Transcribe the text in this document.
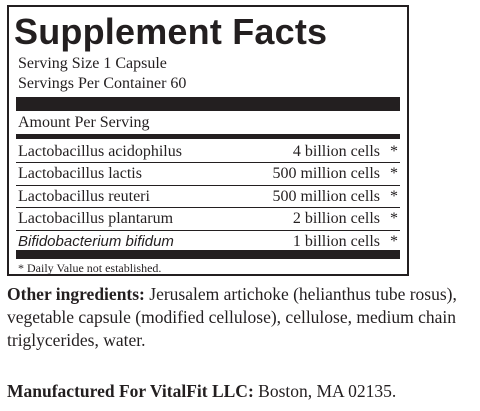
Supplement Facts
Serving Size 1 Capsule
Servings Per Container 60
Amount Per Serving
Lactobacillus acidophilus	4 billion cells *
Lactobacillus lactis	500 million cells *
Lactobacillus reuteri	500 million cells *
Lactobacillus plantarum	2 billion cells *
Bifidobacterium bifidum	1 billion cells *
* Daily Value not established.

Other ingredients: Jerusalem artichoke (helianthus tube rosus), vegetable capsule (modified cellulose), cellulose, medium chain triglycerides, water.

Manufactured For VitalFit LLC: Boston, MA 02135.
